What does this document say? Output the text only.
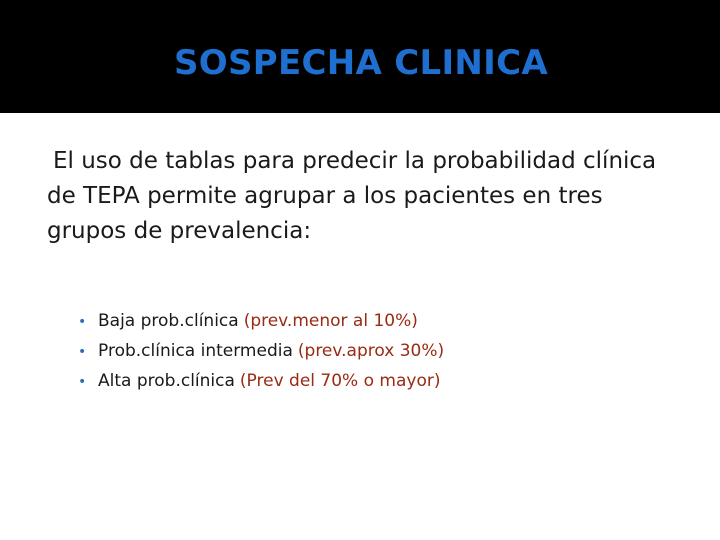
SOSPECHA CLINICA

El uso de tablas para predecir la probabilidad clínica de TEPA permite agrupar a los pacientes en tres grupos de prevalencia:

• Baja prob.clínica (prev.menor al 10%)
• Prob.clínica intermedia (prev.aprox 30%)
• Alta prob.clínica (Prev del 70% o mayor)
